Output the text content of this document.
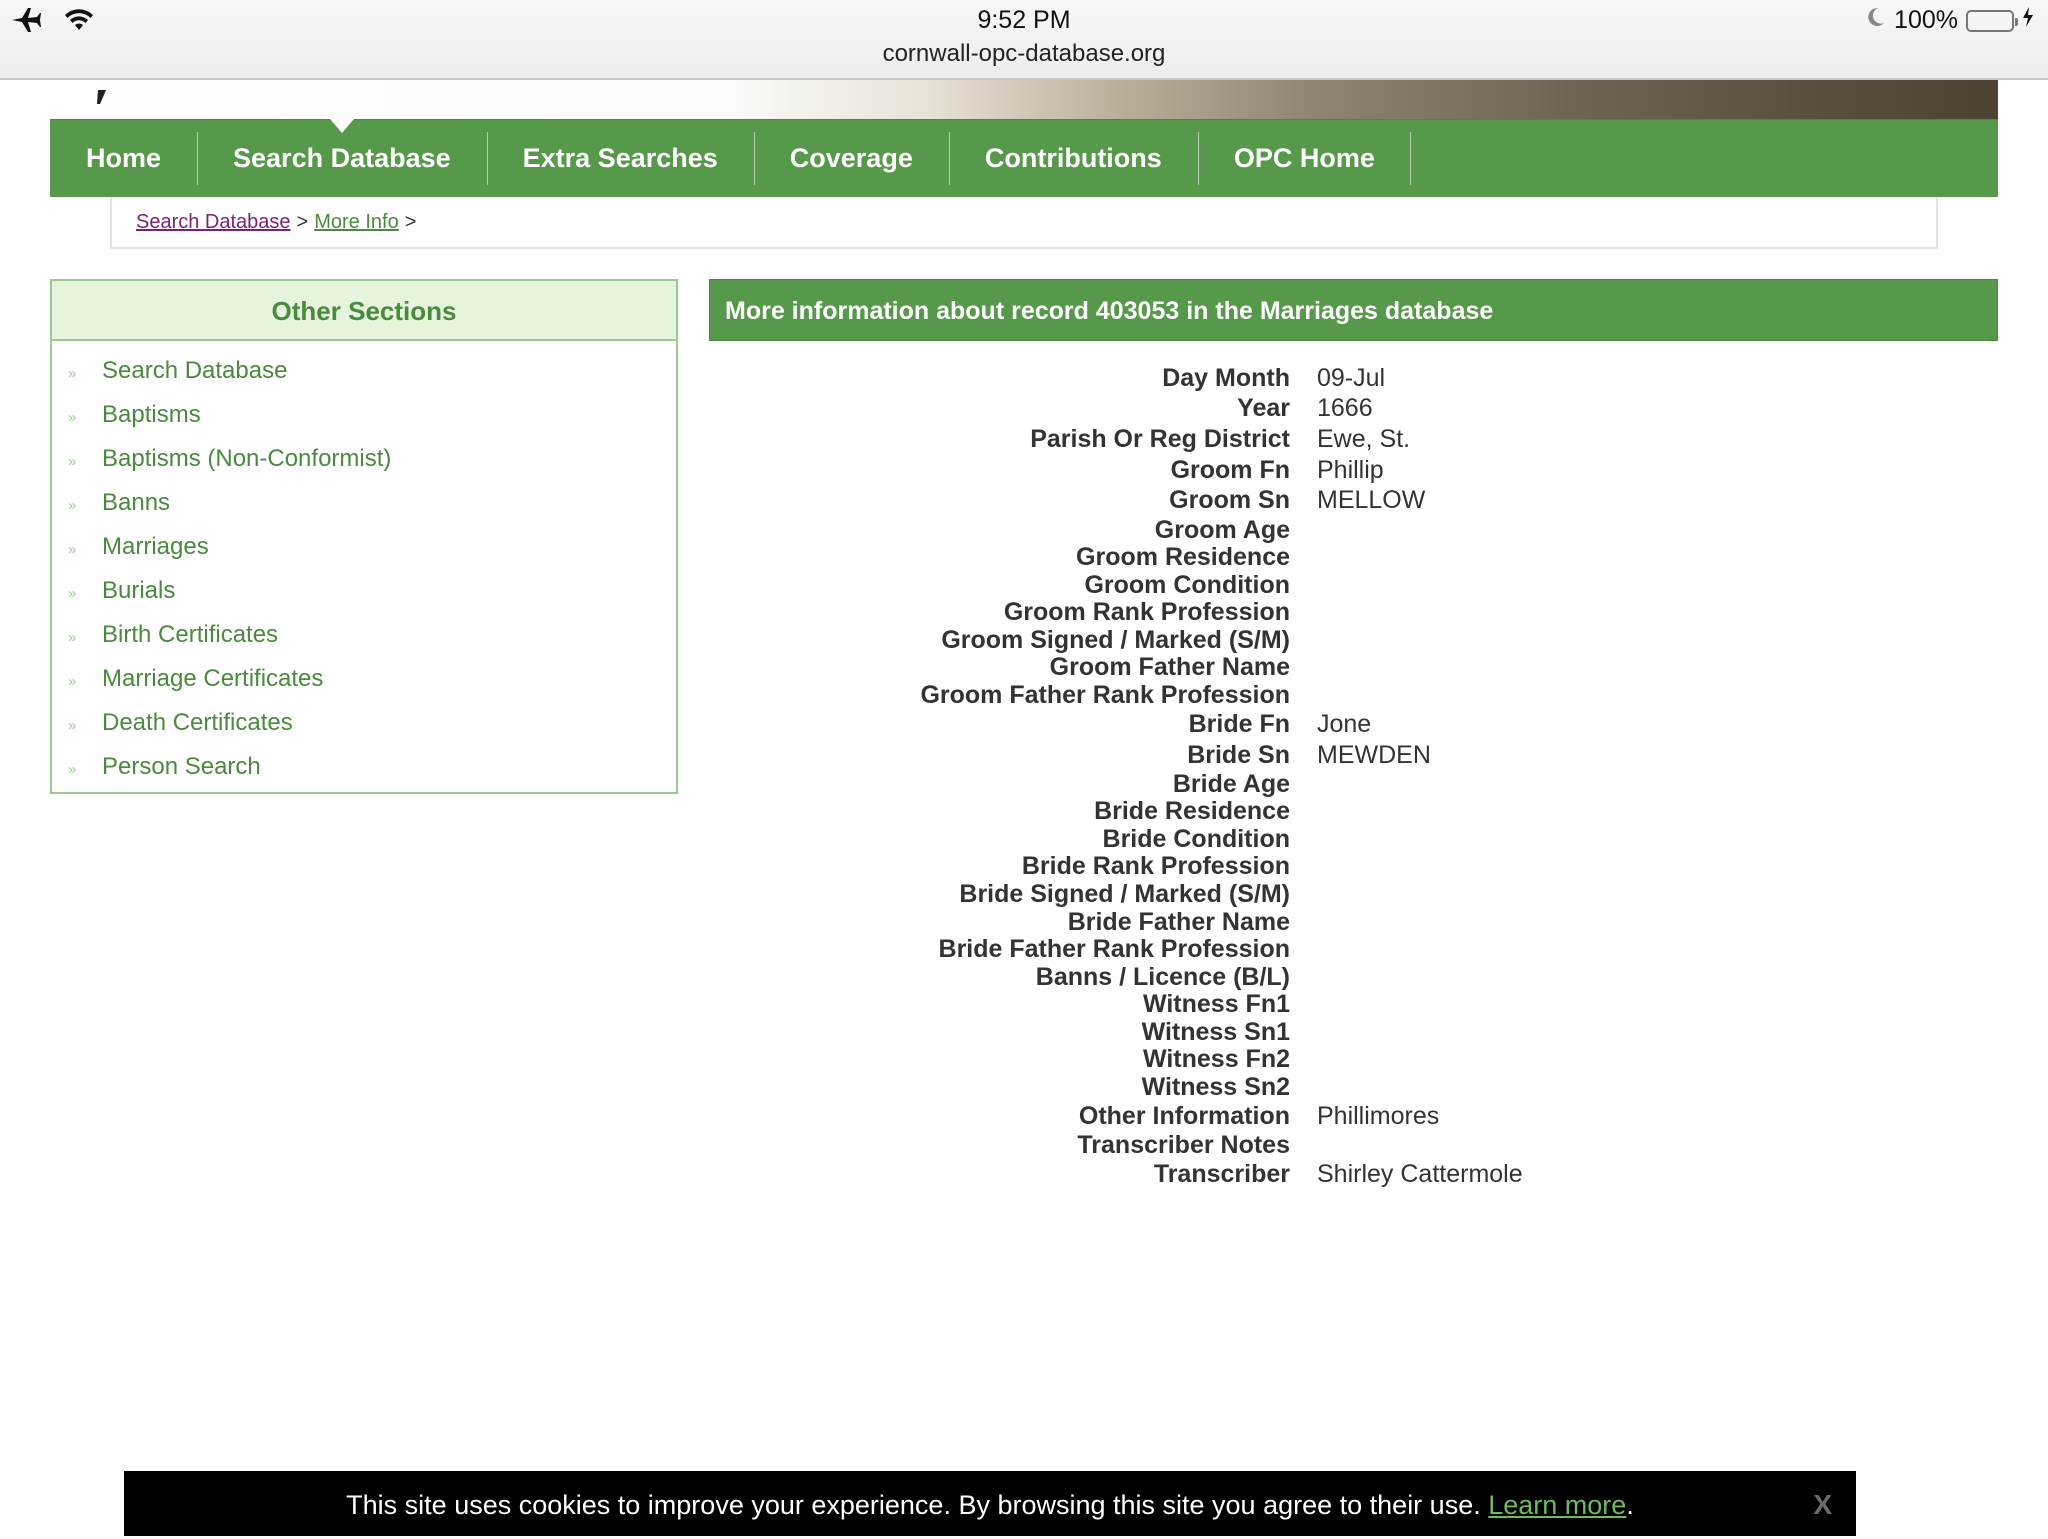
9:52 PM
cornwall-opc-database.org
100%
Home	Search Database	Extra Searches	Coverage	Contributions	OPC Home
Search Database > More Info >
Other Sections
»	Search Database
»	Baptisms
»	Baptisms (Non-Conformist)
»	Banns
»	Marriages
»	Burials
»	Birth Certificates
»	Marriage Certificates
»	Death Certificates
»	Person Search
More information about record 403053 in the Marriages database
Day Month	09-Jul
Year	1666
Parish Or Reg District	Ewe, St.
Groom Fn	Phillip
Groom Sn	MELLOW
Groom Age
Groom Residence
Groom Condition
Groom Rank Profession
Groom Signed / Marked (S/M)
Groom Father Name
Groom Father Rank Profession
Bride Fn	Jone
Bride Sn	MEWDEN
Bride Age
Bride Residence
Bride Condition
Bride Rank Profession
Bride Signed / Marked (S/M)
Bride Father Name
Bride Father Rank Profession
Banns / Licence (B/L)
Witness Fn1
Witness Sn1
Witness Fn2
Witness Sn2
Other Information	Phillimores
Transcriber Notes
Transcriber	Shirley Cattermole
This site uses cookies to improve your experience. By browsing this site you agree to their use. Learn more.	X
